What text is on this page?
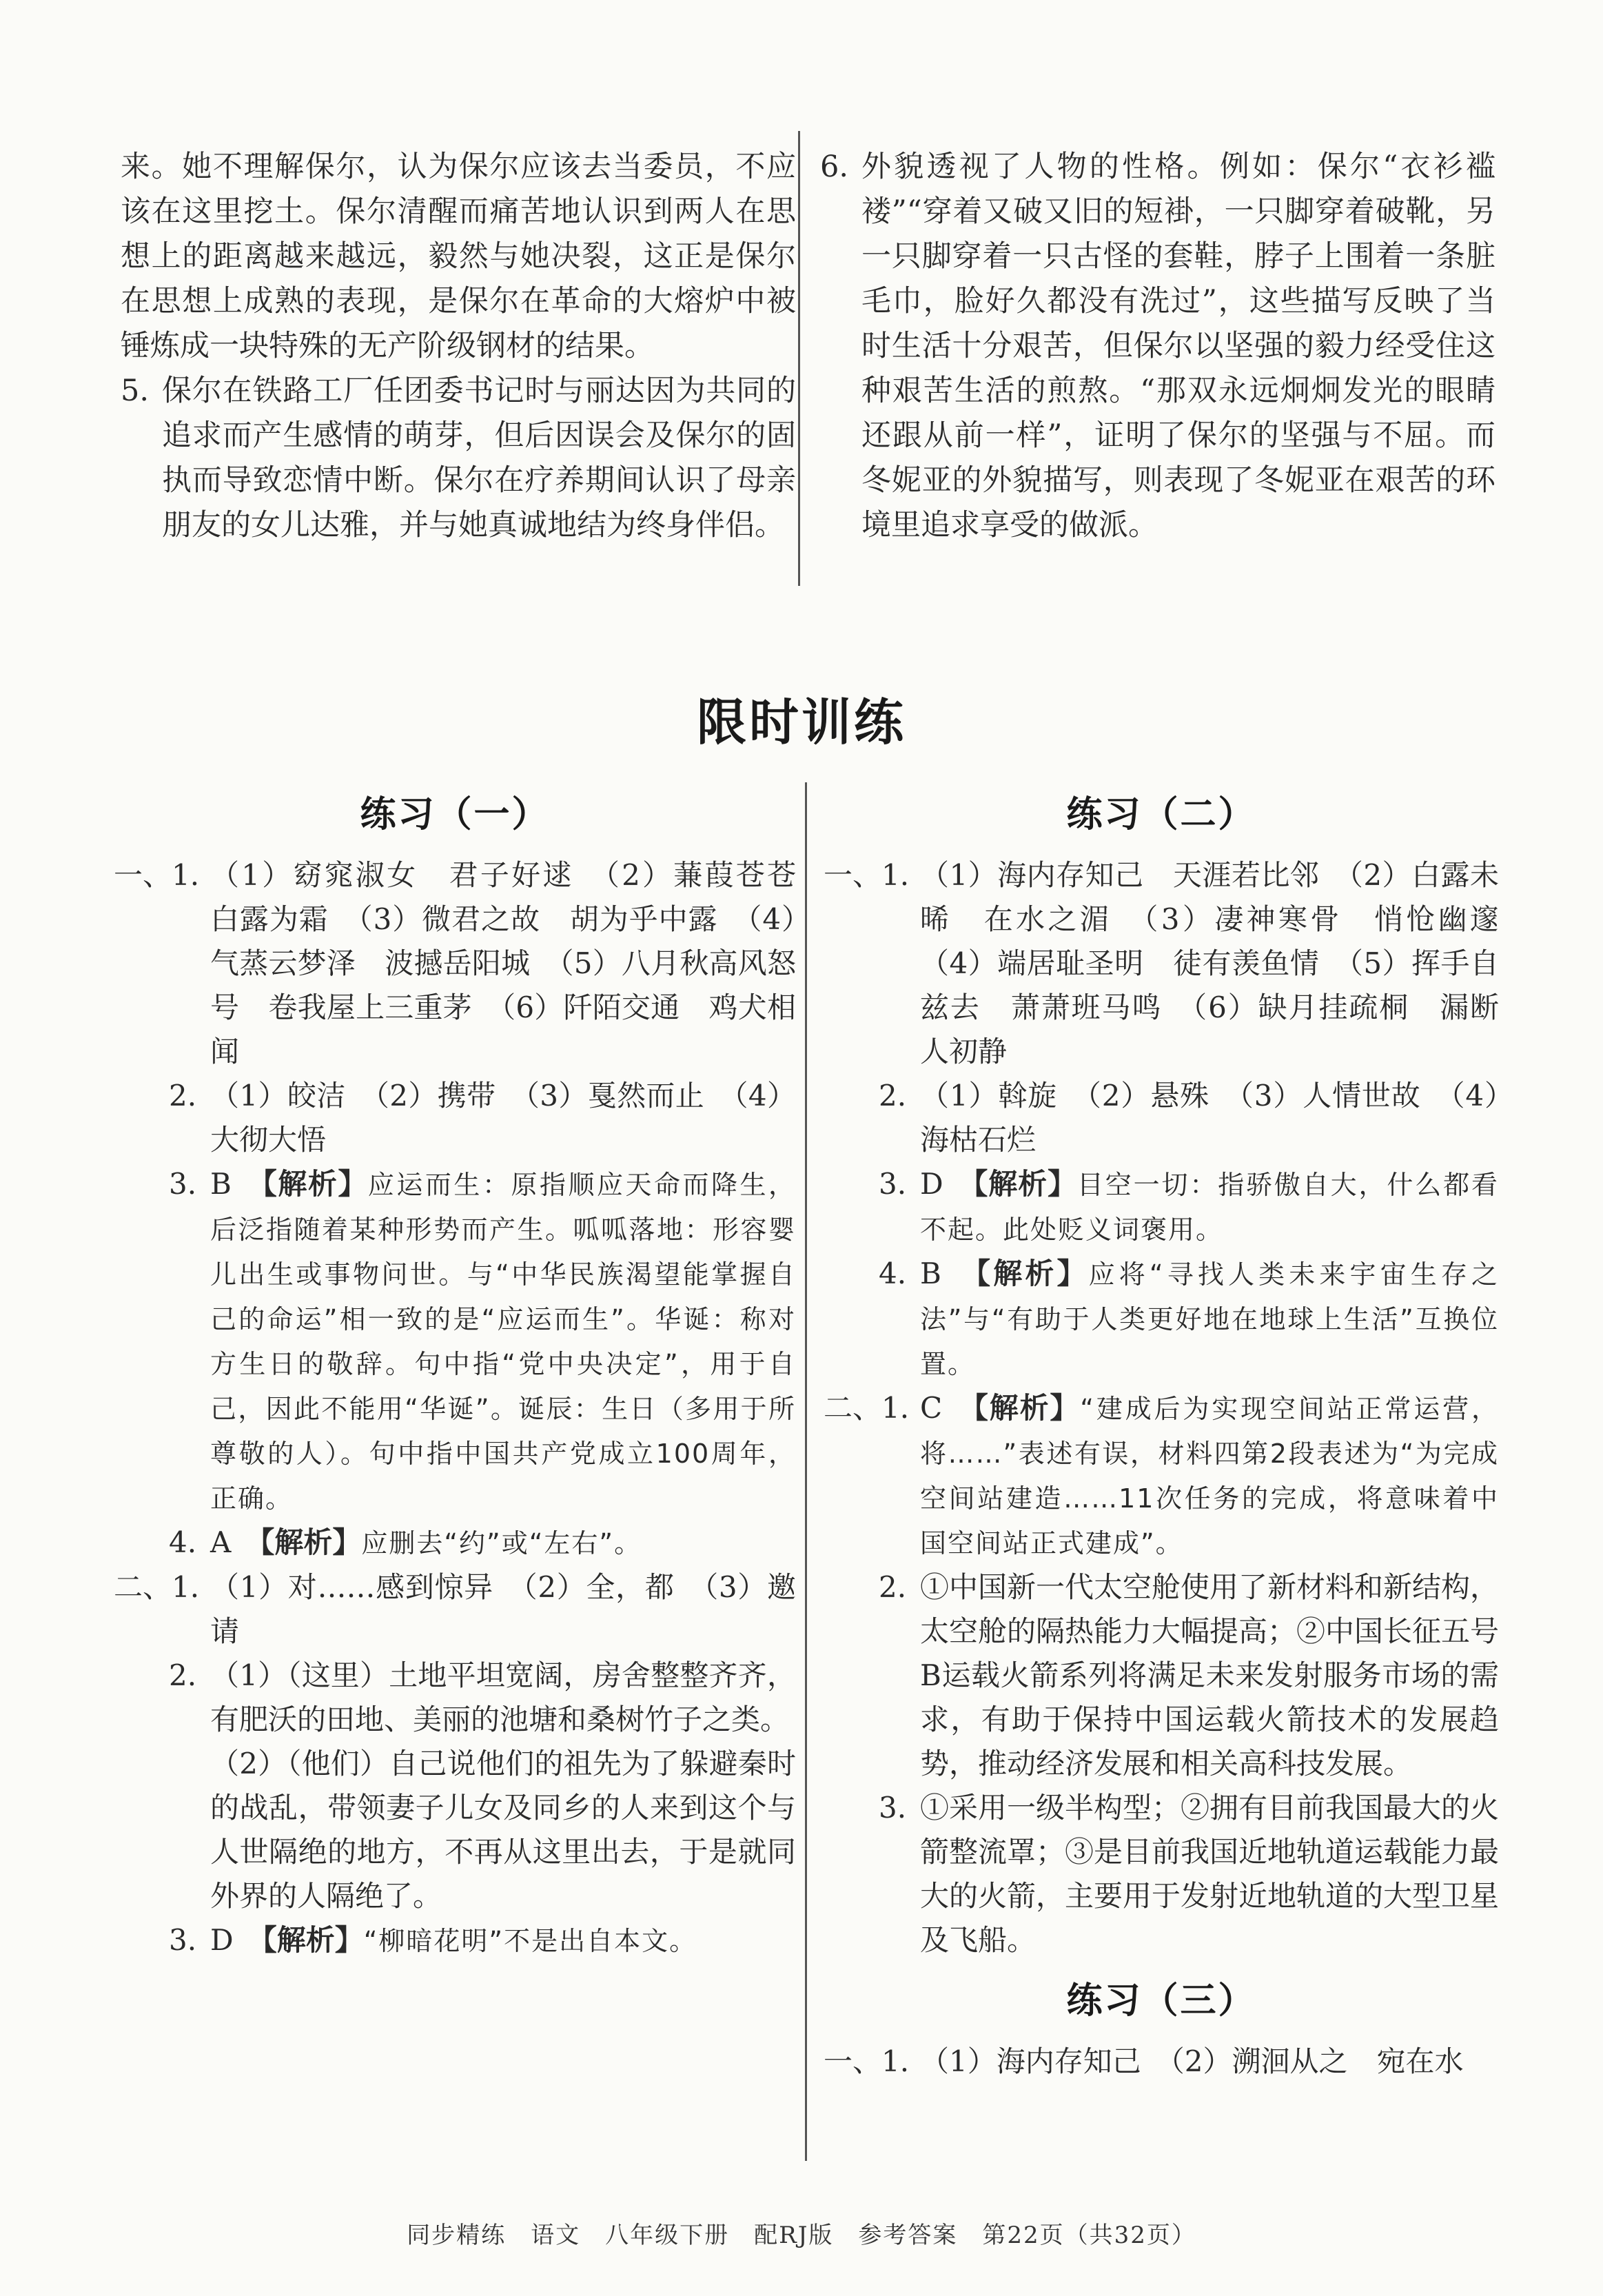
来。她不理解保尔，认为保尔应该去当委员，不应该在这里挖土。保尔清醒而痛苦地认识到两人在思想上的距离越来越远，毅然与她决裂，这正是保尔在思想上成熟的表现，是保尔在革命的大熔炉中被锤炼成一块特殊的无产阶级钢材的结果。

5. 保尔在铁路工厂任团委书记时与丽达因为共同的追求而产生感情的萌芽，但后因误会及保尔的固执而导致恋情中断。保尔在疗养期间认识了母亲朋友的女儿达雅，并与她真诚地结为终身伴侣。

6. 外貌透视了人物的性格。例如：保尔“衣衫褴褛”“穿着又破又旧的短褂，一只脚穿着破靴，另一只脚穿着一只古怪的套鞋，脖子上围着一条脏毛巾，脸好久都没有洗过”，这些描写反映了当时生活十分艰苦，但保尔以坚强的毅力经受住这种艰苦生活的煎熬。“那双永远炯炯发光的眼睛还跟从前一样”，证明了保尔的坚强与不屈。而冬妮亚的外貌描写，则表现了冬妮亚在艰苦的环境里追求享受的做派。

限时训练
练习（一）

一、1. （1）窈窕淑女　君子好逑　（2）蒹葭苍苍　白露为霜　（3）微君之故　胡为乎中露　（4）气蒸云梦泽　波撼岳阳城　（5）八月秋高风怒号　卷我屋上三重茅　（6）阡陌交通　鸡犬相闻

2. （1）皎洁　（2）携带　（3）戛然而止　（4）大彻大悟

3. B　 【解析】应运而生：原指顺应天命而降生，后泛指随着某种形势而产生。呱呱落地：形容婴儿出生或事物问世。与“中华民族渴望能掌握自己的命运”相一致的是“应运而生”。华诞：称对方生日的敬辞。句中指“党中央决定”，用于自己，因此不能用“华诞”。诞辰：生日（多用于所尊敬的人）。句中指中国共产党成立100周年，正确。

4. A　 【解析】应删去“约”或“左右”。

二、1. （1）对……感到惊异　（2）全，都　（3）邀请

2. （1）（这里）土地平坦宽阔，房舍整整齐齐，有肥沃的田地、美丽的池塘和桑树竹子之类。

（2）（他们）自己说他们的祖先为了躲避秦时的战乱，带领妻子儿女及同乡的人来到这个与人世隔绝的地方，不再从这里出去，于是就同外界的人隔绝了。

3. D　 【解析】“柳暗花明”不是出自本文。

练习（二）

一、1. （1）海内存知己　天涯若比邻　（2）白露未晞　在水之湄　（3）凄神寒骨　悄怆幽邃　（4）端居耻圣明　徒有羡鱼情　（5）挥手自兹去　萧萧班马鸣　（6）缺月挂疏桐　漏断人初静

2. （1）斡旋　（2）悬殊　（3）人情世故　（4）海枯石烂

3. D　 【解析】目空一切：指骄傲自大，什么都看不起。此处贬义词褒用。

4. B　 【解析】应将“寻找人类未来宇宙生存之法”与“有助于人类更好地在地球上生活”互换位置。

二、1. C　 【解析】“建成后为实现空间站正常运营，将……”表述有误，材料四第2段表述为“为完成空间站建造……11次任务的完成，将意味着中国空间站正式建成”。

2. ①中国新一代太空舱使用了新材料和新结构，太空舱的隔热能力大幅提高；②中国长征五号B运载火箭系列将满足未来发射服务市场的需求，有助于保持中国运载火箭技术的发展趋势，推动经济发展和相关高科技发展。

3. ①采用一级半构型；②拥有目前我国最大的火箭整流罩；③是目前我国近地轨道运载能力最大的火箭，主要用于发射近地轨道的大型卫星及飞船。

练习（三）

一、1. （1）海内存知己　（2）溯洄从之　宛在水

同步精练　语文　八年级下册　配RJ版　参考答案　第22页（共32页）
